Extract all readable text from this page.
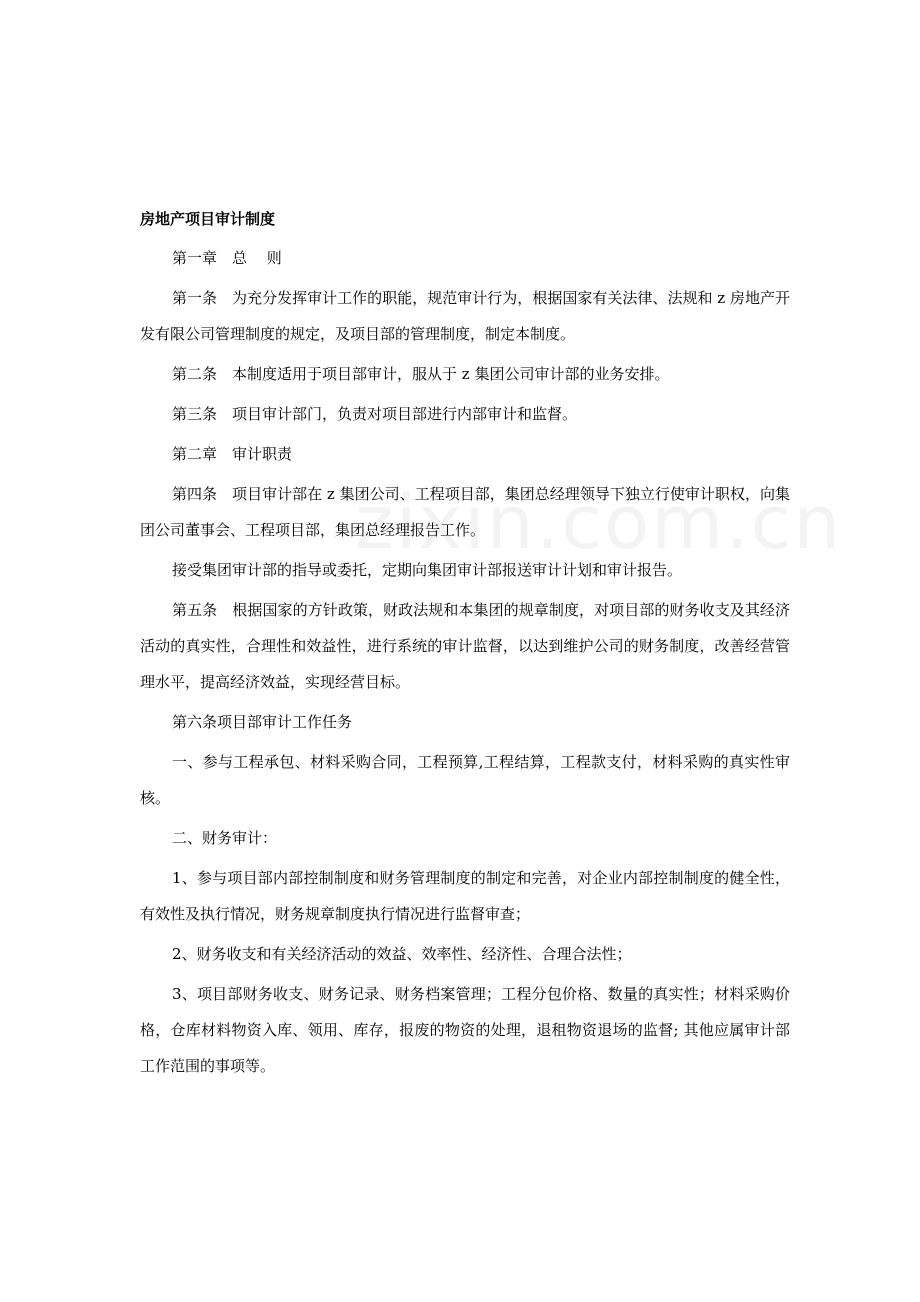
房地产项目审计制度

第一章　总　 则

第一条　为充分发挥审计工作的职能，规范审计行为，根据国家有关法律、法规和 z 房地产开发有限公司管理制度的规定，及项目部的管理制度，制定本制度。

第二条　本制度适用于项目部审计，服从于 z 集团公司审计部的业务安排。

第三条　项目审计部门，负责对项目部进行内部审计和监督。

第二章　审计职责

第四条　项目审计部在 z 集团公司、工程项目部，集团总经理领导下独立行使审计职权，向集团公司董事会、工程项目部，集团总经理报告工作。

接受集团审计部的指导或委托，定期向集团审计部报送审计计划和审计报告。

第五条　根据国家的方针政策，财政法规和本集团的规章制度，对项目部的财务收支及其经济活动的真实性，合理性和效益性，进行系统的审计监督，以达到维护公司的财务制度，改善经营管理水平，提高经济效益，实现经营目标。

第六条项目部审计工作任务

一、参与工程承包、材料采购合同，工程预算,工程结算，工程款支付，材料采购的真实性审核。

二、财务审计：

1、参与项目部内部控制制度和财务管理制度的制定和完善，对企业内部控制制度的健全性，有效性及执行情况，财务规章制度执行情况进行监督审查；

2、财务收支和有关经济活动的效益、效率性、经济性、合理合法性；

3、项目部财务收支、财务记录、财务档案管理；工程分包价格、数量的真实性；材料采购价格，仓库材料物资入库、领用、库存，报废的物资的处理，退租物资退场的监督; 其他应属审计部工作范围的事项等。
